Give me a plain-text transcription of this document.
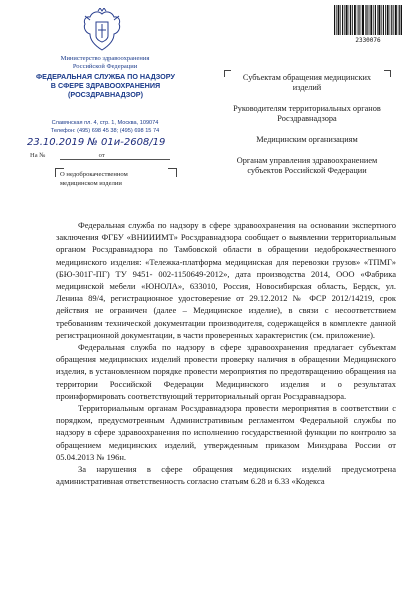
Министерство здравоохранения
Российской Федерации
ФЕДЕРАЛЬНАЯ СЛУЖБА ПО НАДЗОРУ
В СФЕРЕ ЗДРАВООХРАНЕНИЯ
(РОСЗДРАВНАДЗОР)
Славянская пл. 4, стр. 1, Москва, 109074
Телефон: (495) 698 45 38; (495) 698 15 74
23.10.2019 № 01и-2608/19
На №	от
О недоброкачественном
медицинском изделии
2330076

Субъектам обращения медицинских изделий

Руководителям территориальных органов Росздравнадзора

Медицинским организациям

Органам управления здравоохранением субъектов Российской Федерации

Федеральная служба по надзору в сфере здравоохранения на основании экспертного заключения ФГБУ «ВНИИИМТ» Росздравнадзора сообщает о выявлении территориальным органом Росздравнадзора по Тамбовской области в обращении недоброкачественного медицинского изделия: «Тележка-платформа медицинская для перевозки грузов» «ТПМГ» (БЮ-301Г-ПГ) ТУ 9451- 002-1150649-2012», дата производства 2014, ООО «Фабрика медицинской мебели «ЮНОЛА», 633010, Россия, Новосибирская область, Бердск, ул. Ленина 89/4, регистрационное удостоверение от 29.12.2012 № ФСР 2012/14219, срок действия не ограничен (далее – Медицинское изделие), в связи с несоответствием требованиям технической документации производителя, содержащейся в комплекте данной регистрационной документации, в части проверенных характеристик (см. приложение).

Федеральная служба по надзору в сфере здравоохранения предлагает субъектам обращения медицинских изделий провести проверку наличия в обращении Медицинского изделия, в установленном порядке провести мероприятия по предотвращению обращения на территории Российской Федерации Медицинского изделия и о результатах проинформировать соответствующий территориальный орган Росздравнадзора.

Территориальным органам Росздравнадзора провести мероприятия в соответствии с порядком, предусмотренным Административным регламентом Федеральной службы по надзору в сфере здравоохранения по исполнению государственной функции по контролю за обращением медицинских изделий, утвержденным приказом Минздрава России от 05.04.2013 № 196н.

За нарушения в сфере обращения медицинских изделий предусмотрена административная ответственность согласно статьям 6.28 и 6.33 «Кодекса
